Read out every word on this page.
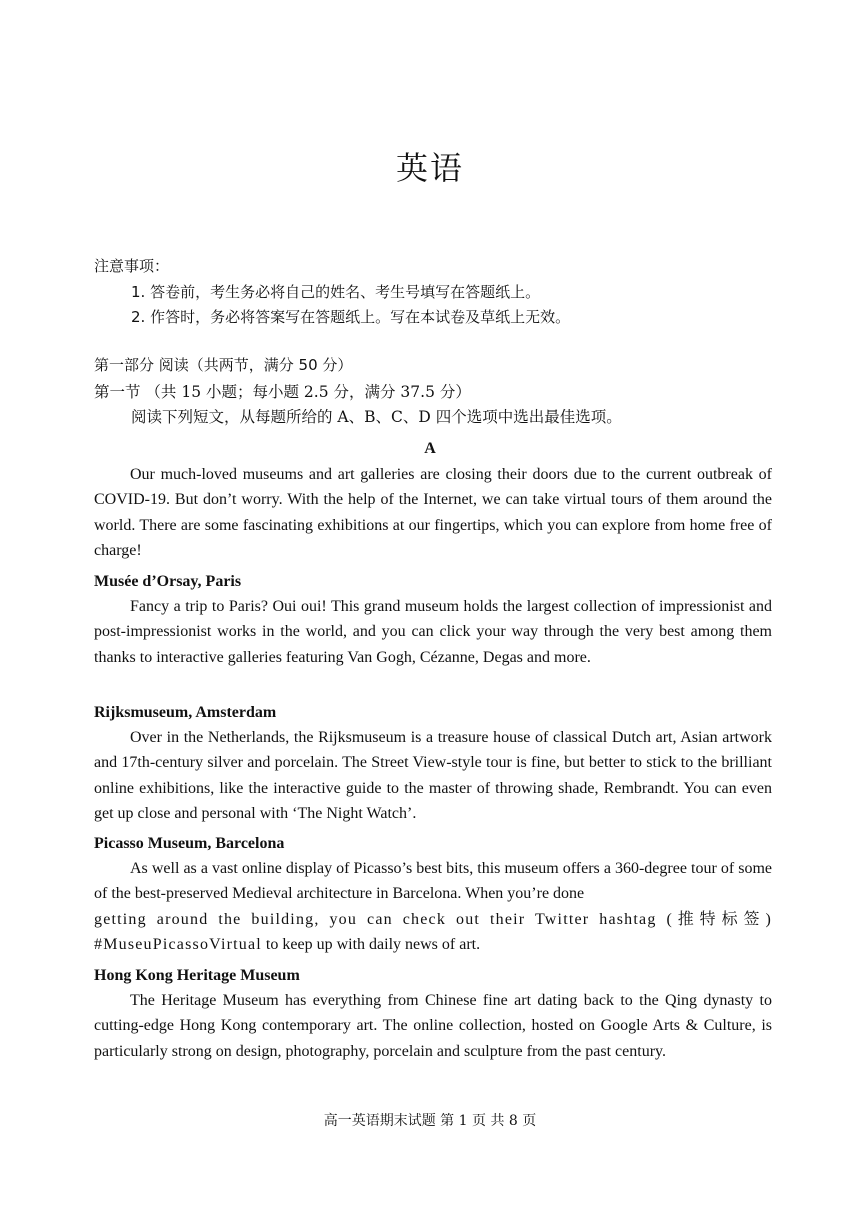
英语
注意事项：
1. 答卷前，考生务必将自己的姓名、考生号填写在答题纸上。
2. 作答时，务必将答案写在答题纸上。写在本试卷及草纸上无效。
第一部分 阅读（共两节，满分 50 分）
第一节 （共 15 小题；每小题 2.5 分，满分 37.5 分）
阅读下列短文，从每题所给的 A、B、C、D 四个选项中选出最佳选项。
A

Our much-loved museums and art galleries are closing their doors due to the current outbreak of COVID-19. But don’t worry. With the help of the Internet, we can take virtual tours of them around the world. There are some fascinating exhibitions at our fingertips, which you can explore from home free of charge!

Musée d’Orsay, Paris

Fancy a trip to Paris? Oui oui! This grand museum holds the largest collection of impressionist and post-impressionist works in the world, and you can click your way through the very best among them thanks to interactive galleries featuring Van Gogh, Cézanne, Degas and more.

Rijksmuseum, Amsterdam

Over in the Netherlands, the Rijksmuseum is a treasure house of classical Dutch art, Asian artwork and 17th-century silver and porcelain. The Street View-style tour is fine, but better to stick to the brilliant online exhibitions, like the interactive guide to the master of throwing shade, Rembrandt. You can even get up close and personal with ‘The Night Watch’.

Picasso Museum, Barcelona

As well as a vast online display of Picasso’s best bits, this museum offers a 360-degree tour of some of the best-preserved Medieval architecture in Barcelona. When you’re done

getting around the building, you can check out their Twitter hashtag (推特标签)

#MuseuPicassoVirtual to keep up with daily news of art.

Hong Kong Heritage Museum

The Heritage Museum has everything from Chinese fine art dating back to the Qing dynasty to cutting-edge Hong Kong contemporary art. The online collection, hosted on Google Arts & Culture, is particularly strong on design, photography, porcelain and sculpture from the past century.

高一英语期末试题 第 1 页 共 8 页
